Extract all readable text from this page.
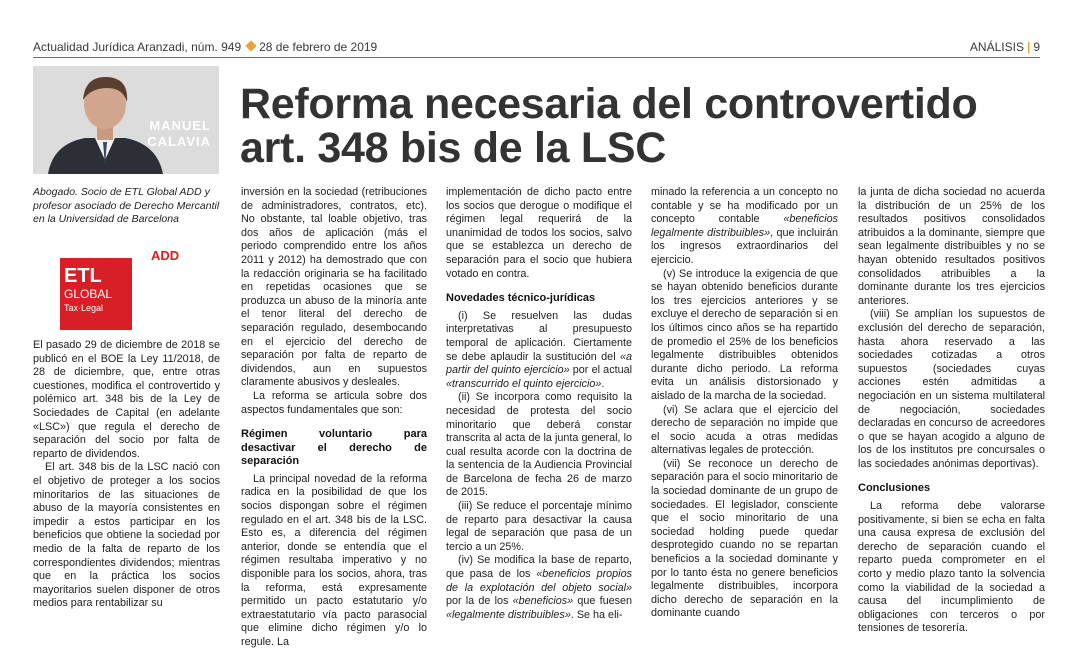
Actualidad Jurídica Aranzadi, núm. 949 28 de febrero de 2019	ANÁLISIS | 9
MANUEL
CALAVIA
Reforma necesaria del controvertido
art. 348 bis de la LSC
Abogado. Socio de ETL Global ADD y profesor asociado de Derecho Mercantil en la Universidad de Barcelona
ETL
GLOBAL
Tax·Legal
ADD

El pasado 29 de diciembre de 2018 se publicó en el BOE la Ley 11/2018, de 28 de diciembre, que, entre otras cuestiones, modifica el controvertido y polémico art. 348 bis de la Ley de Sociedades de Capital (en adelante «LSC») que regula el derecho de separación del socio por falta de reparto de dividendos.

El art. 348 bis de la LSC nació con el objetivo de proteger a los socios minoritarios de las situaciones de abuso de la mayoría consistentes en impedir a estos participar en los beneficios que obtiene la sociedad por medio de la falta de reparto de los correspondientes dividendos; mientras que en la práctica los socios mayoritarios suelen disponer de otros medios para rentabilizar su

inversión en la sociedad (retribuciones de administradores, contratos, etc). No obstante, tal loable objetivo, tras dos años de aplicación (más el periodo comprendido entre los años 2011 y 2012) ha demostrado que con la redacción originaria se ha facilitado en repetidas ocasiones que se produzca un abuso de la minoría ante el tenor literal del derecho de separación regulado, desembocando en el ejercicio del derecho de separación por falta de reparto de dividendos, aun en supuestos claramente abusivos y desleales.

La reforma se articula sobre dos aspectos fundamentales que son:

Régimen voluntario para desactivar el derecho de separación

La principal novedad de la reforma radica en la posibilidad de que los socios dispongan sobre el régimen regulado en el art. 348 bis de la LSC. Esto es, a diferencia del régimen anterior, donde se entendía que el régimen resultaba imperativo y no disponible para los socios, ahora, tras la reforma, está expresamente permitido un pacto estatutario y/o extraestatutario vía pacto parasocial que elimine dicho régimen y/o lo regule. La

implementación de dicho pacto entre los socios que derogue o modifique el régimen legal requerirá de la unanimidad de todos los socios, salvo que se establezca un derecho de separación para el socio que hubiera votado en contra.

Novedades técnico-jurídicas

(i) Se resuelven las dudas interpretativas al presupuesto temporal de aplicación. Ciertamente se debe aplaudir la sustitución del «a partir del quinto ejercicio» por el actual «transcurrido el quinto ejercicio».

(ii) Se incorpora como requisito la necesidad de protesta del socio minoritario que deberá constar transcrita al acta de la junta general, lo cual resulta acorde con la doctrina de la sentencia de la Audiencia Provincial de Barcelona de fecha 26 de marzo de 2015.

(iii) Se reduce el porcentaje mínimo de reparto para desactivar la causa legal de separación que pasa de un tercio a un 25%.

(iv) Se modifica la base de reparto, que pasa de los «beneficios propios de la explotación del objeto social» por la de los «beneficios» que fuesen «legalmente distribuibles». Se ha eli-

minado la referencia a un concepto no contable y se ha modificado por un concepto contable «beneficios legalmente distribuibles», que incluirán los ingresos extraordinarios del ejercicio.

(v) Se introduce la exigencia de que se hayan obtenido beneficios durante los tres ejercicios anteriores y se excluye el derecho de separación si en los últimos cinco años se ha repartido de promedio el 25% de los beneficios legalmente distribuibles obtenidos durante dicho periodo. La reforma evita un análisis distorsionado y aislado de la marcha de la sociedad.

(vi) Se aclara que el ejercicio del derecho de separación no impide que el socio acuda a otras medidas alternativas legales de protección.

(vii) Se reconoce un derecho de separación para el socio minoritario de la sociedad dominante de un grupo de sociedades. El legislador, consciente que el socio minoritario de una sociedad holding puede quedar desprotegido cuando no se repartan beneficios a la sociedad dominante y por lo tanto ésta no genere beneficios legalmente distribuibles, incorpora dicho derecho de separación en la dominante cuando

la junta de dicha sociedad no acuerda la distribución de un 25% de los resultados positivos consolidados atribuidos a la dominante, siempre que sean legalmente distribuibles y no se hayan obtenido resultados positivos consolidados atribuibles a la dominante durante los tres ejercicios anteriores.

(viii) Se amplían los supuestos de exclusión del derecho de separación, hasta ahora reservado a las sociedades cotizadas a otros supuestos (sociedades cuyas acciones estén admitidas a negociación en un sistema multilateral de negociación, sociedades declaradas en concurso de acreedores o que se hayan acogido a alguno de los de los institutos pre concursales o las sociedades anónimas deportivas).

Conclusiones

La reforma debe valorarse positivamente, si bien se echa en falta una causa expresa de exclusión del derecho de separación cuando el reparto pueda comprometer en el corto y medio plazo tanto la solvencia como la viabilidad de la sociedad a causa del incumplimiento de obligaciones con terceros o por tensiones de tesorería.
